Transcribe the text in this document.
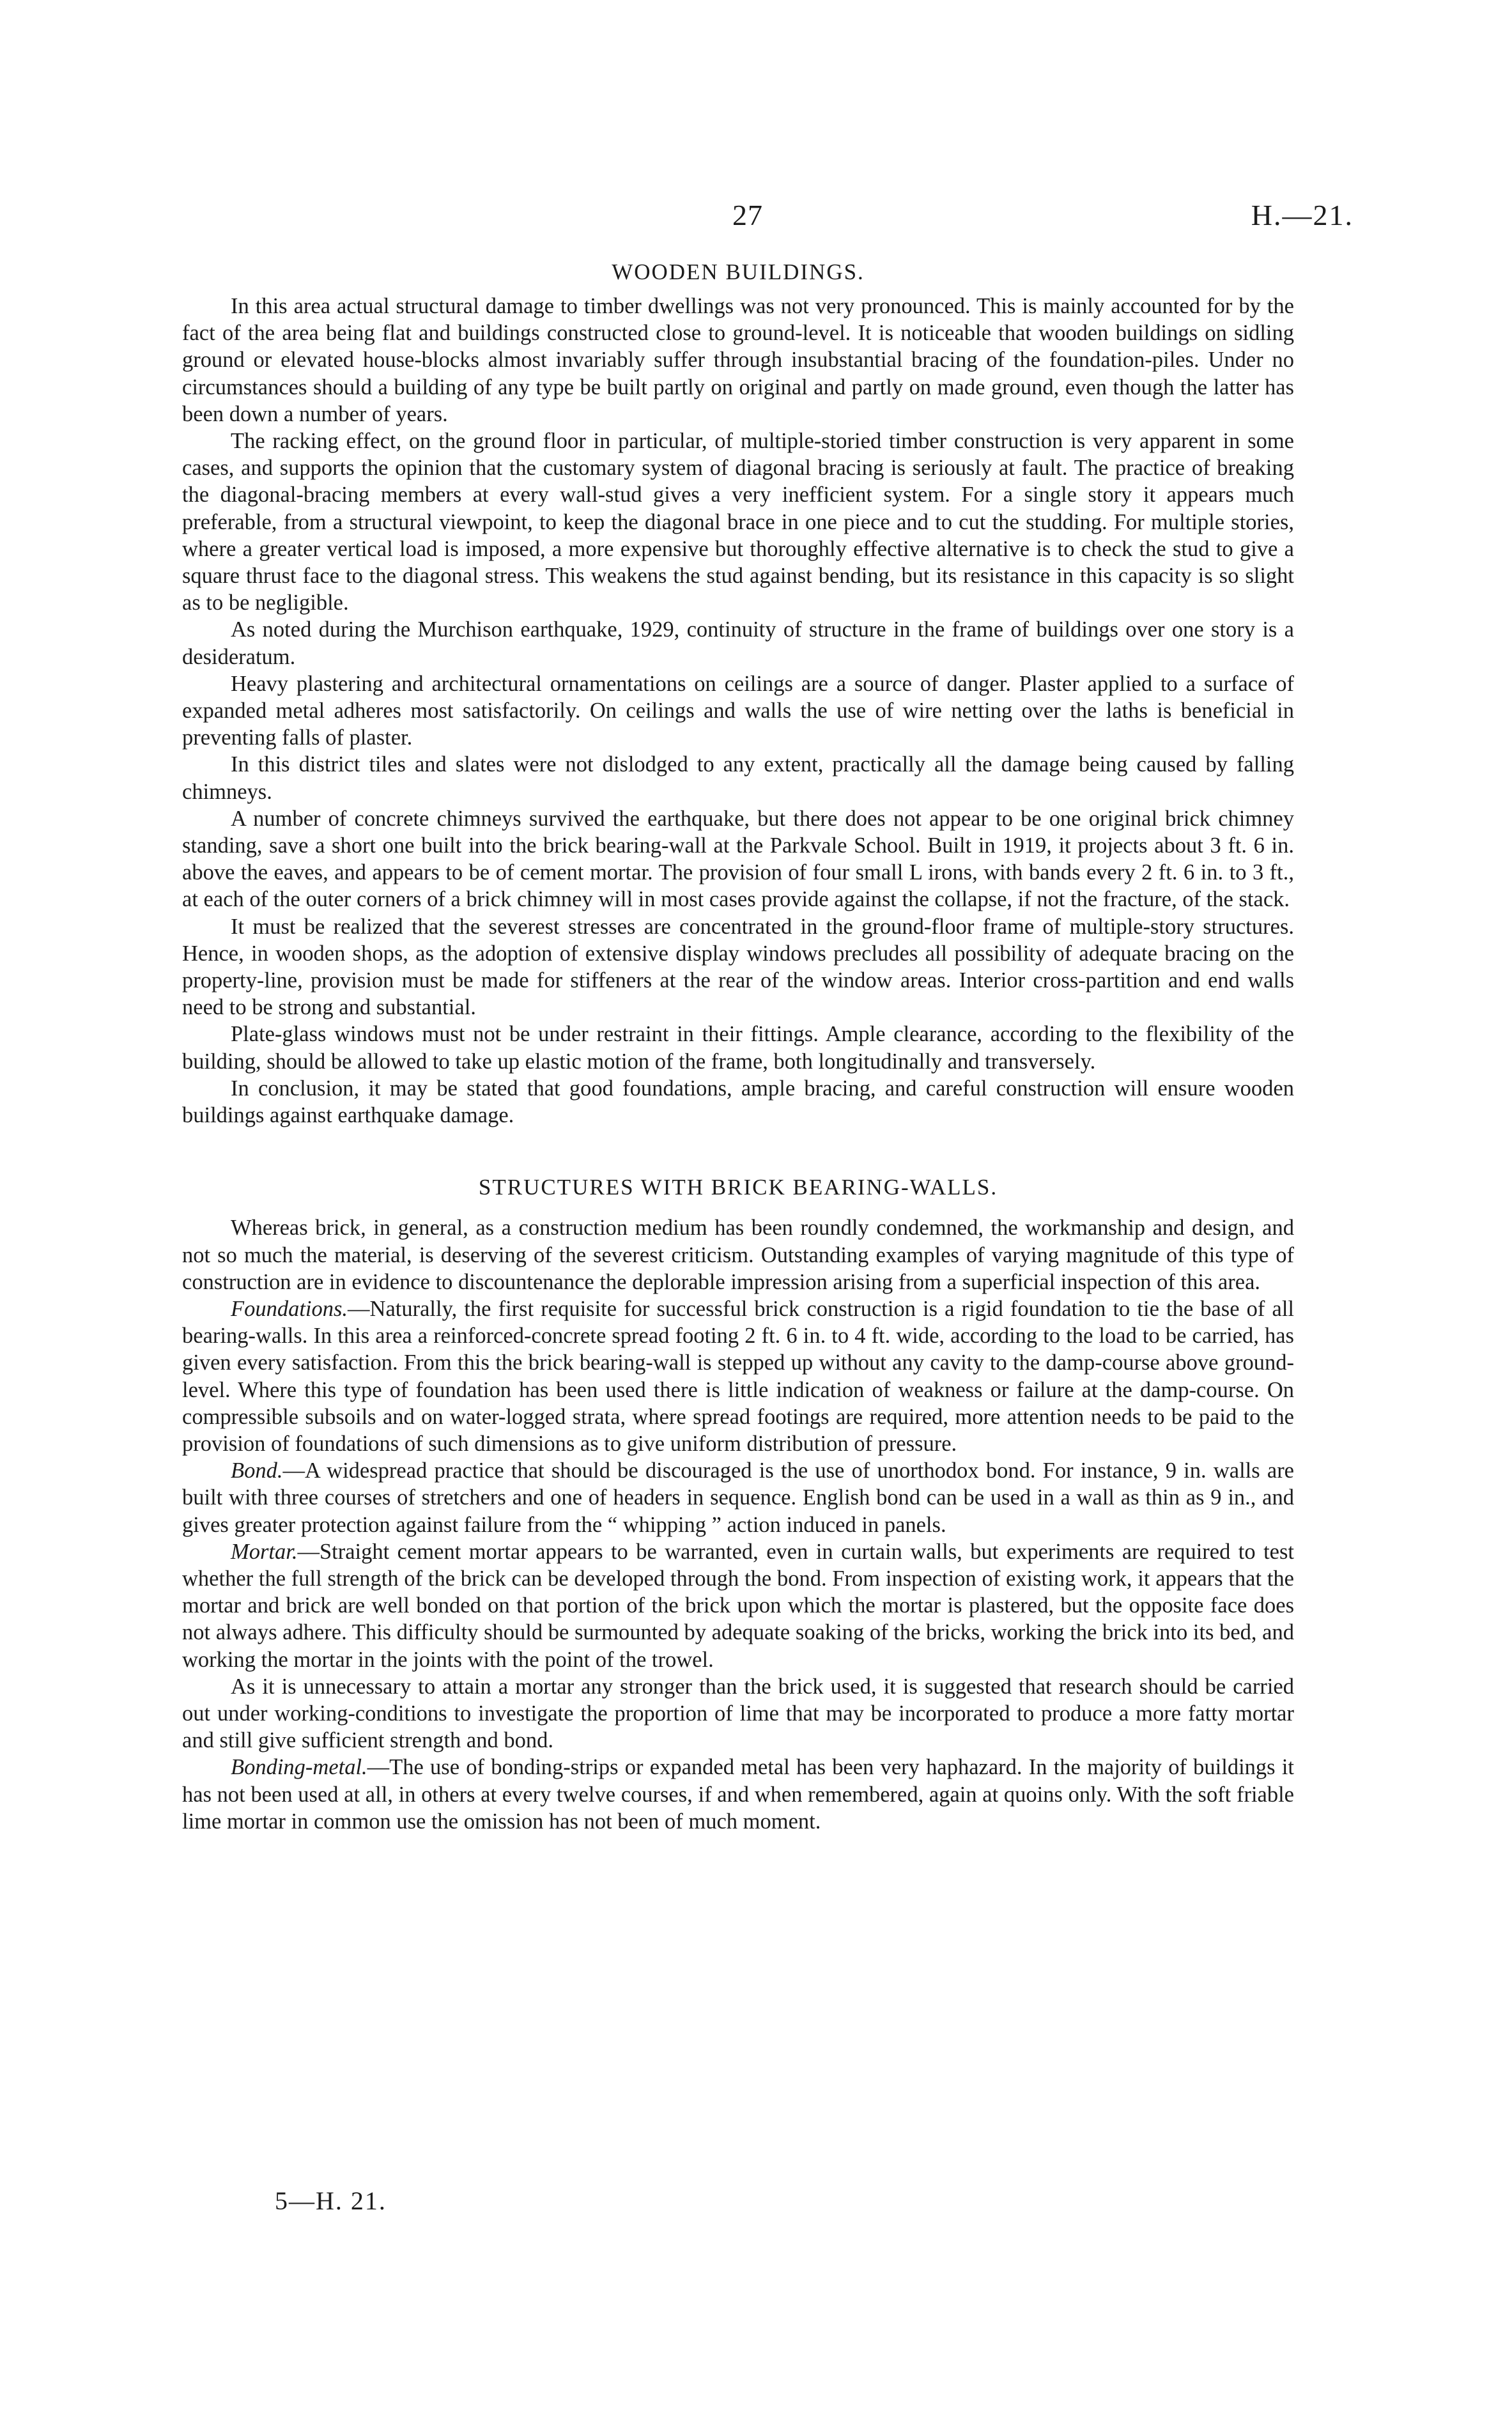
27	H.—21.
WOODEN BUILDINGS.

In this area actual structural damage to timber dwellings was not very pronounced. This is mainly accounted for by the fact of the area being flat and buildings constructed close to ground-level. It is noticeable that wooden buildings on sidling ground or elevated house-blocks almost invariably suffer through insubstantial bracing of the foundation-piles. Under no circumstances should a building of any type be built partly on original and partly on made ground, even though the latter has been down a number of years.

The racking effect, on the ground floor in particular, of multiple-storied timber construction is very apparent in some cases, and supports the opinion that the customary system of diagonal bracing is seriously at fault. The practice of breaking the diagonal-bracing members at every wall-stud gives a very inefficient system. For a single story it appears much preferable, from a structural viewpoint, to keep the diagonal brace in one piece and to cut the studding. For multiple stories, where a greater vertical load is imposed, a more expensive but thoroughly effective alternative is to check the stud to give a square thrust face to the diagonal stress. This weakens the stud against bending, but its resistance in this capacity is so slight as to be negligible.

As noted during the Murchison earthquake, 1929, continuity of structure in the frame of buildings over one story is a desideratum.

Heavy plastering and architectural ornamentations on ceilings are a source of danger. Plaster applied to a surface of expanded metal adheres most satisfactorily. On ceilings and walls the use of wire netting over the laths is beneficial in preventing falls of plaster.

In this district tiles and slates were not dislodged to any extent, practically all the damage being caused by falling chimneys.

A number of concrete chimneys survived the earthquake, but there does not appear to be one original brick chimney standing, save a short one built into the brick bearing-wall at the Parkvale School. Built in 1919, it projects about 3 ft. 6 in. above the eaves, and appears to be of cement mortar. The provision of four small L irons, with bands every 2 ft. 6 in. to 3 ft., at each of the outer corners of a brick chimney will in most cases provide against the collapse, if not the fracture, of the stack.

It must be realized that the severest stresses are concentrated in the ground-floor frame of multiple-story structures. Hence, in wooden shops, as the adoption of extensive display windows precludes all possibility of adequate bracing on the property-line, provision must be made for stiffeners at the rear of the window areas. Interior cross-partition and end walls need to be strong and substantial.

Plate-glass windows must not be under restraint in their fittings. Ample clearance, according to the flexibility of the building, should be allowed to take up elastic motion of the frame, both longitudinally and transversely.

In conclusion, it may be stated that good foundations, ample bracing, and careful construction will ensure wooden buildings against earthquake damage.

STRUCTURES WITH BRICK BEARING-WALLS.

Whereas brick, in general, as a construction medium has been roundly condemned, the workmanship and design, and not so much the material, is deserving of the severest criticism. Outstanding examples of varying magnitude of this type of construction are in evidence to discountenance the deplorable impression arising from a superficial inspection of this area.

Foundations.—Naturally, the first requisite for successful brick construction is a rigid foundation to tie the base of all bearing-walls. In this area a reinforced-concrete spread footing 2 ft. 6 in. to 4 ft. wide, according to the load to be carried, has given every satisfaction. From this the brick bearing-wall is stepped up without any cavity to the damp-course above ground-level. Where this type of foundation has been used there is little indication of weakness or failure at the damp-course. On compressible subsoils and on water-logged strata, where spread footings are required, more attention needs to be paid to the provision of foundations of such dimensions as to give uniform distribution of pressure.

Bond.—A widespread practice that should be discouraged is the use of unorthodox bond. For instance, 9 in. walls are built with three courses of stretchers and one of headers in sequence. English bond can be used in a wall as thin as 9 in., and gives greater protection against failure from the “ whipping ” action induced in panels.

Mortar.—Straight cement mortar appears to be warranted, even in curtain walls, but experiments are required to test whether the full strength of the brick can be developed through the bond. From inspection of existing work, it appears that the mortar and brick are well bonded on that portion of the brick upon which the mortar is plastered, but the opposite face does not always adhere. This difficulty should be surmounted by adequate soaking of the bricks, working the brick into its bed, and working the mortar in the joints with the point of the trowel.

As it is unnecessary to attain a mortar any stronger than the brick used, it is suggested that research should be carried out under working-conditions to investigate the proportion of lime that may be incorporated to produce a more fatty mortar and still give sufficient strength and bond.

Bonding-metal.—The use of bonding-strips or expanded metal has been very haphazard. In the majority of buildings it has not been used at all, in others at every twelve courses, if and when remembered, again at quoins only. With the soft friable lime mortar in common use the omission has not been of much moment.

5—H. 21.
